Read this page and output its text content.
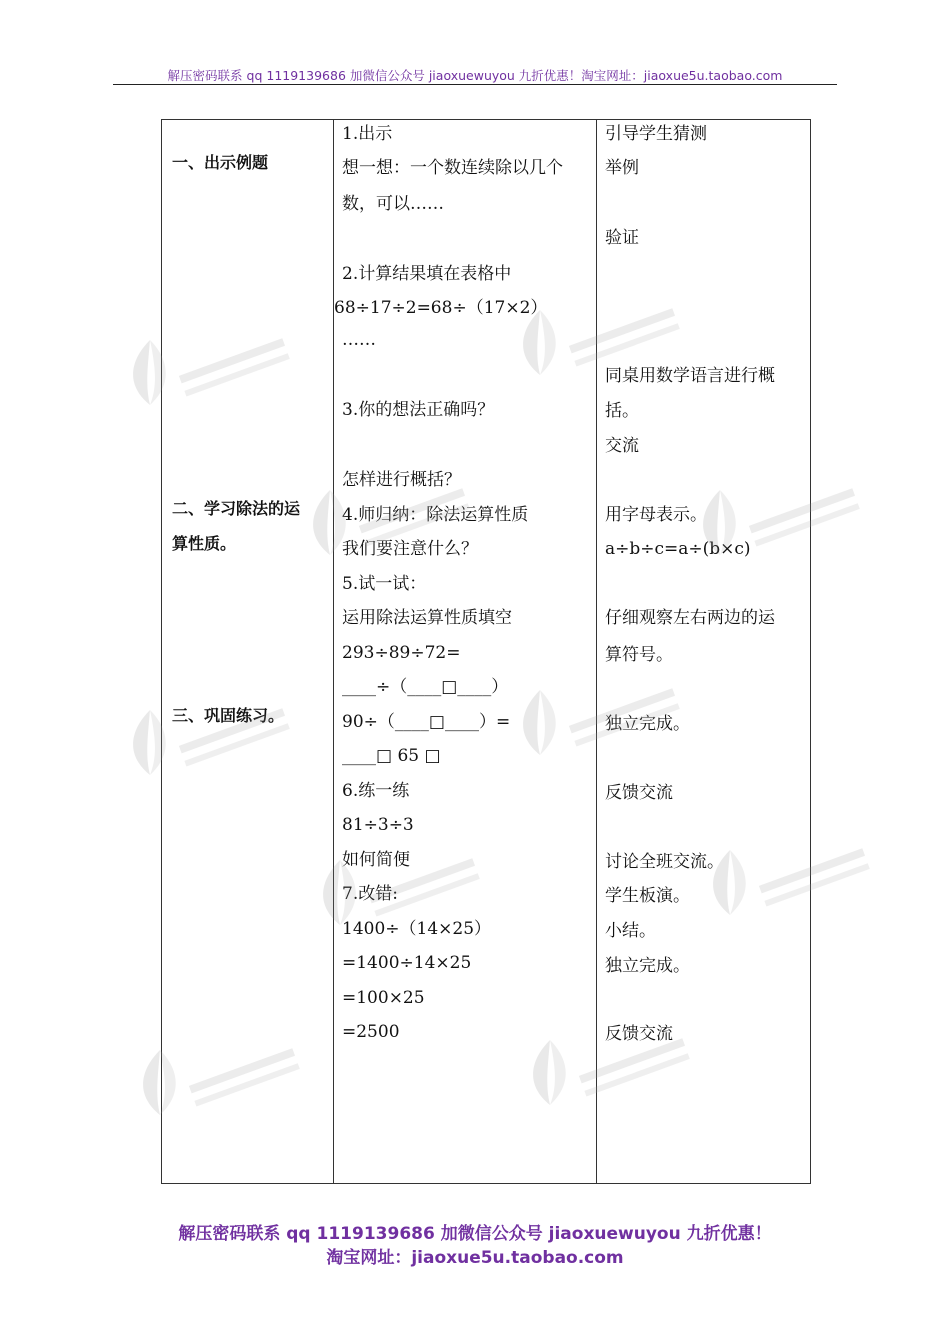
解压密码联系 qq 1119139686 加微信公众号 jiaoxuewuyou 九折优惠！淘宝网址：jiaoxue5u.taobao.com
一、出示例题
二、学习除法的运
算性质。
三、巩固练习。
1.出示
想一想：一个数连续除以几个
数，可以……
2.计算结果填在表格中
68÷17÷2=68÷（17×2）
……
3.你的想法正确吗？
怎样进行概括？
4.师归纳：除法运算性质
我们要注意什么？
5.试一试：
运用除法运算性质填空
293÷89÷72=
____÷（____□____）
90÷（____□____）=
____□ 65 □
6.练一练
81÷3÷3
如何简便
7.改错:
1400÷（14×25）
=1400÷14×25
=100×25
=2500
引导学生猜测
举例
验证
同桌用数学语言进行概
括。
交流
用字母表示。
a÷b÷c=a÷(b×c)
仔细观察左右两边的运
算符号。
独立完成。
反馈交流
讨论全班交流。
学生板演。
小结。
独立完成。
反馈交流
解压密码联系 qq 1119139686 加微信公众号 jiaoxuewuyou 九折优惠！
淘宝网址：jiaoxue5u.taobao.com
